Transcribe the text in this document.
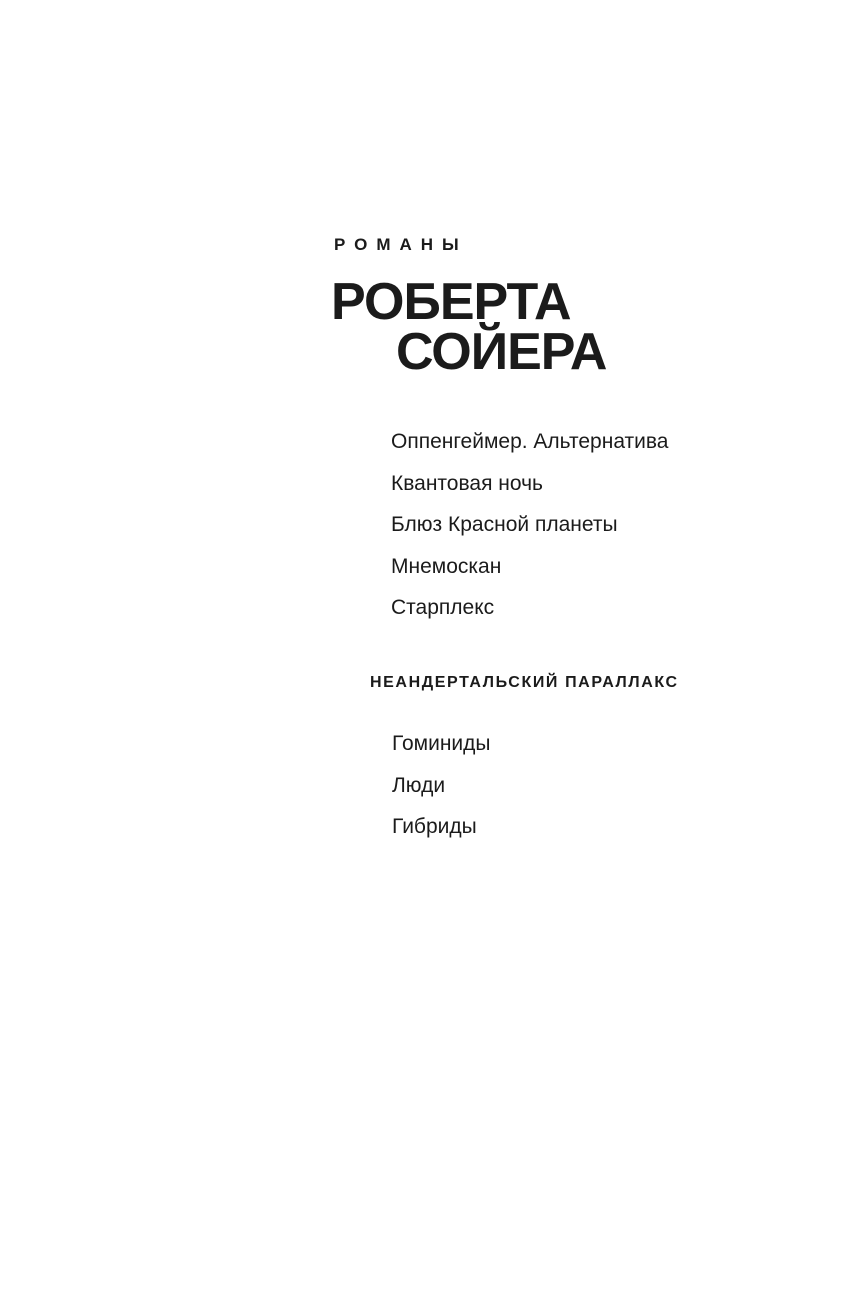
РОМАНЫ
РОБЕРТА
СОЙЕРА
Оппенгеймер. Альтернатива
Квантовая ночь
Блюз Красной планеты
Мнемоскан
Старплекс
НЕАНДЕРТАЛЬСКИЙ ПАРАЛЛАКС
Гоминиды
Люди
Гибриды
